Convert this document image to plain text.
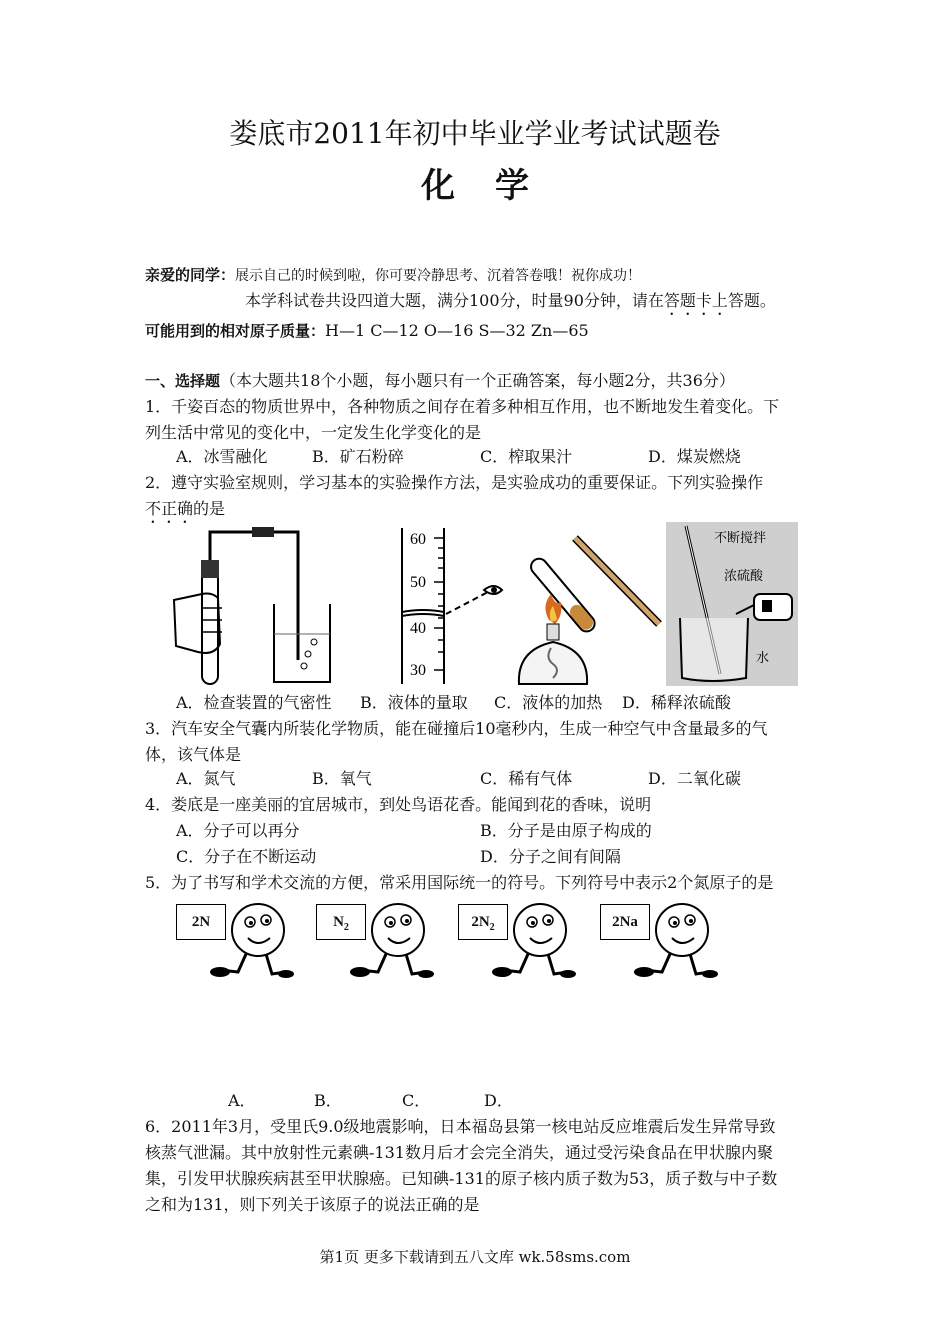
娄底市2011年初中毕业学业考试试题卷
化学
亲爱的同学：展示自己的时候到啦，你可要冷静思考、沉着答卷哦！祝你成功！
本学科试卷共设四道大题，满分100分，时量90分钟，请在答题卡上答题。
可能用到的相对原子质量：H—1 C—12 O—16 S—32 Zn—65
一、选择题（本大题共18个小题，每小题只有一个正确答案，每小题2分，共36分）
1．千姿百态的物质世界中，各种物质之间存在着多种相互作用，也不断地发生着变化。下
列生活中常见的变化中，一定发生化学变化的是
A．冰雪融化	B．矿石粉碎	C．榨取果汁	D．煤炭燃烧
2．遵守实验室规则，学习基本的实验操作方法，是实验成功的重要保证。下列实验操作
不正确的是
60
50
40
30
不断搅拌
浓硫酸
水
A．检查装置的气密性 B．液体的量取 C．液体的加热 D．稀释浓硫酸
3．汽车安全气囊内所装化学物质，能在碰撞后10毫秒内，生成一种空气中含量最多的气
体，该气体是
A．氮气	B．氧气	C．稀有气体	D．二氧化碳
4．娄底是一座美丽的宜居城市，到处鸟语花香。能闻到花的香味，说明
A．分子可以再分	B．分子是由原子构成的
C．分子在不断运动	D．分子之间有间隔
5．为了书写和学术交流的方便，常采用国际统一的符号。下列符号中表示2个氮原子的是
2N	$N_2$	$2N_2$	2Na
A．	B．	C．	D．
6．2011年3月，受里氏9.0级地震影响，日本福岛县第一核电站反应堆震后发生异常导致
核蒸气泄漏。其中放射性元素碘-131数月后才会完全消失，通过受污染食品在甲状腺内聚
集，引发甲状腺疾病甚至甲状腺癌。已知碘-131的原子核内质子数为53，质子数与中子数
之和为131，则下列关于该原子的说法正确的是
第1页 更多下载请到五八文库 wk.58sms.com
